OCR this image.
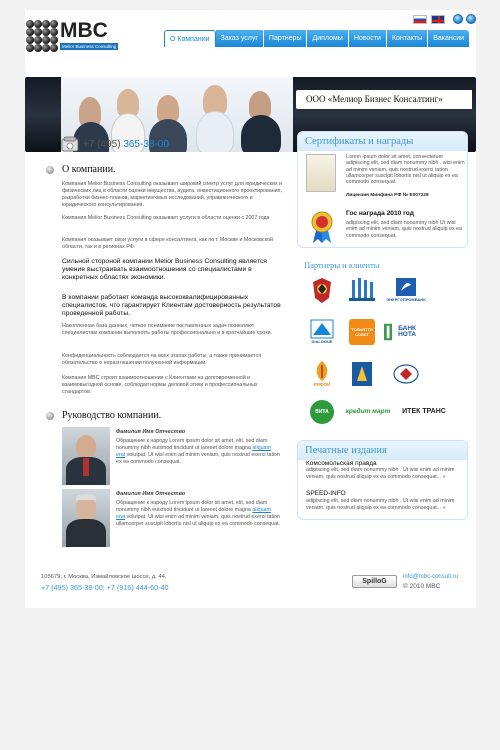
MBC
Melior Business Consulting
О Компании	Заказ услуг	Партнеры	Дипломы	Новости	Контакты	Вакансии
ООО «Мелиор Бизнес Консалтинг»
+7 (495) 365-38-00
О компании.
Компания Melior Business Consulting оказывает широкий спектр услуг для юридических и физических лиц в области оценки имущества, аудита, инвестиционного проектирования, разработки бизнес-планов, маркетинговых исследований, управленческого и юридического консультирования.
Компания Melior Business Consulting оказывает услуги в области оценки с 2007 года
Компания оказывает свои услуги в сфере консалтинга, как по г. Москве и Московской области, так и в регионах РФ.
Сильной стороной компании Melior Business Consulting является умение выстраивать взаимоотношения со специалистами в конкретных областях экономики.
В компании работает команда высококвалифицированных специалистов, что гарантирует Клиентам достоверность результатов проведенной работы.
Накопленная база данных, четкое понимание поставленных задач позволяют специалистам компании выполнять работы профессионально и в кратчайшие сроки.
Конфиденциальность соблюдается на всех этапах работы, а также принимается обязательство о неразглашении полученной информации.
Компания MBC строит взаимоотношения с Клиентами на долговременной и взаимовыгодной основе, соблюдая нормы деловой этики и профессиональных стандартов.
Руководство компании.
Фамилия Имя Отчество
Обращение к народу Lorem ipsum dolor sit amet, elit, sed diam nonummy nibh euismod tincidunt ut laoreet dolore magna aliquam erat volutpat. Ut wisi enim ad minim veniam, quis nostrud exerci tation ex ea commodo consequat.
Фамилия Имя Отчество
Обращение к народу Lorem ipsum dolor sit amet, elit, sed diam nonummy nibh euismod tincidunt ut laoreet dolore magna aliquam erat volutpat. Ut wisi enim ad minim veniam, quis nostrud exerci tation ullamcorper suscipit lobortis nisl ut aliquip ex ea commodo consequat.
Сертификаты и награды
Lorem ipsum dolor sit amet, consectetuer adipiscing elit, sed diam nonummy nibh . wisi enim ad minim veniam, quis nostrud exerci tation ullamcorper suscipit lobortis nisl ut aliquip ex ea commodo consequat.
Лицензия Минфина РФ № Е007228
Гос награда 2010 год
adipiscing elit, sed diam nonummy nibh Ut wisi enim ad minim veniam, quis nostrud aliquip ex ea commodo consequat.
Партнеры и клиенты
ЭНЕРГОПРОМБАНК
DIALOGUE
ТОЛЬЯТТИ СОВЕТ
БАНК НОТА
РИФОЙ
ВИТА	кредит март ИТЕК ТРАНС
Печатные издания
Комсомольская правда
adipiscing elit, sed diam nonummy nibh . Ut wisi enim ad minim veniam, quis nostrud aliquip ex ea commodo consequat... »
SPEED-INFO
adipiscing elit, sed diam nonummy nibh . Ut wisi enim ad minim veniam, quis nostrud aliquip ex ea commodo consequat... »
105679, г. Москва, Измайловское шоссе, д. 44.
+7 (495) 365-38-00; +7 (916) 444-60-40
SpilloG
info@mbc-consult.ru
© 2010 MBC
